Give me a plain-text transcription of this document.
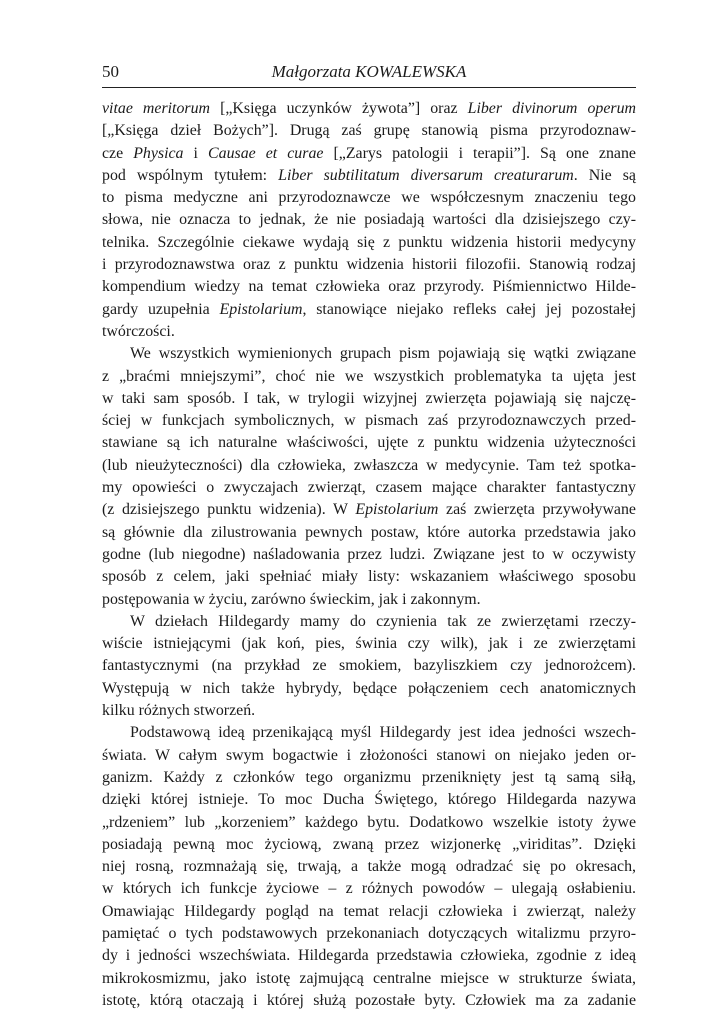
50	Małgorzata KOWALEWSKA
vitae meritorum [„Księga uczynków żywota”] oraz Liber divinorum operum
[„Księga dzieł Bożych”]. Drugą zaś grupę stanowią pisma przyrodoznaw-
cze Physica i Causae et curae [„Zarys patologii i terapii”]. Są one znane
pod wspólnym tytułem: Liber subtilitatum diversarum creaturarum. Nie są
to pisma medyczne ani przyrodoznawcze we współczesnym znaczeniu tego
słowa, nie oznacza to jednak, że nie posiadają wartości dla dzisiejszego czy-
telnika. Szczególnie ciekawe wydają się z punktu widzenia historii medycyny
i przyrodoznawstwa oraz z punktu widzenia historii filozofii. Stanowią rodzaj
kompendium wiedzy na temat człowieka oraz przyrody. Piśmiennictwo Hilde-
gardy uzupełnia Epistolarium, stanowiące niejako refleks całej jej pozostałej
twórczości.
We wszystkich wymienionych grupach pism pojawiają się wątki związane
z „braćmi mniejszymi”, choć nie we wszystkich problematyka ta ujęta jest
w taki sam sposób. I tak, w trylogii wizyjnej zwierzęta pojawiają się najczę-
ściej w funkcjach symbolicznych, w pismach zaś przyrodoznawczych przed-
stawiane są ich naturalne właściwości, ujęte z punktu widzenia użyteczności
(lub nieużyteczności) dla człowieka, zwłaszcza w medycynie. Tam też spotka-
my opowieści o zwyczajach zwierząt, czasem mające charakter fantastyczny
(z dzisiejszego punktu widzenia). W Epistolarium zaś zwierzęta przywoływane
są głównie dla zilustrowania pewnych postaw, które autorka przedstawia jako
godne (lub niegodne) naśladowania przez ludzi. Związane jest to w oczywisty
sposób z celem, jaki spełniać miały listy: wskazaniem właściwego sposobu
postępowania w życiu, zarówno świeckim, jak i zakonnym.
W dziełach Hildegardy mamy do czynienia tak ze zwierzętami rzeczy-
wiście istniejącymi (jak koń, pies, świnia czy wilk), jak i ze zwierzętami
fantastycznymi (na przykład ze smokiem, bazyliszkiem czy jednorożcem).
Występują w nich także hybrydy, będące połączeniem cech anatomicznych
kilku różnych stworzeń.
Podstawową ideą przenikającą myśl Hildegardy jest idea jedności wszech-
świata. W całym swym bogactwie i złożoności stanowi on niejako jeden or-
ganizm. Każdy z członków tego organizmu przeniknięty jest tą samą siłą,
dzięki której istnieje. To moc Ducha Świętego, którego Hildegarda nazywa
„rdzeniem” lub „korzeniem” każdego bytu. Dodatkowo wszelkie istoty żywe
posiadają pewną moc życiową, zwaną przez wizjonerkę „viriditas”. Dzięki
niej rosną, rozmnażają się, trwają, a także mogą odradzać się po okresach,
w których ich funkcje życiowe – z różnych powodów – ulegają osłabieniu.
Omawiając Hildegardy pogląd na temat relacji człowieka i zwierząt, należy
pamiętać o tych podstawowych przekonaniach dotyczących witalizmu przyro-
dy i jedności wszechświata. Hildegarda przedstawia człowieka, zgodnie z ideą
mikrokosmizmu, jako istotę zajmującą centralne miejsce w strukturze świata,
istotę, którą otaczają i której służą pozostałe byty. Człowiek ma za zadanie
